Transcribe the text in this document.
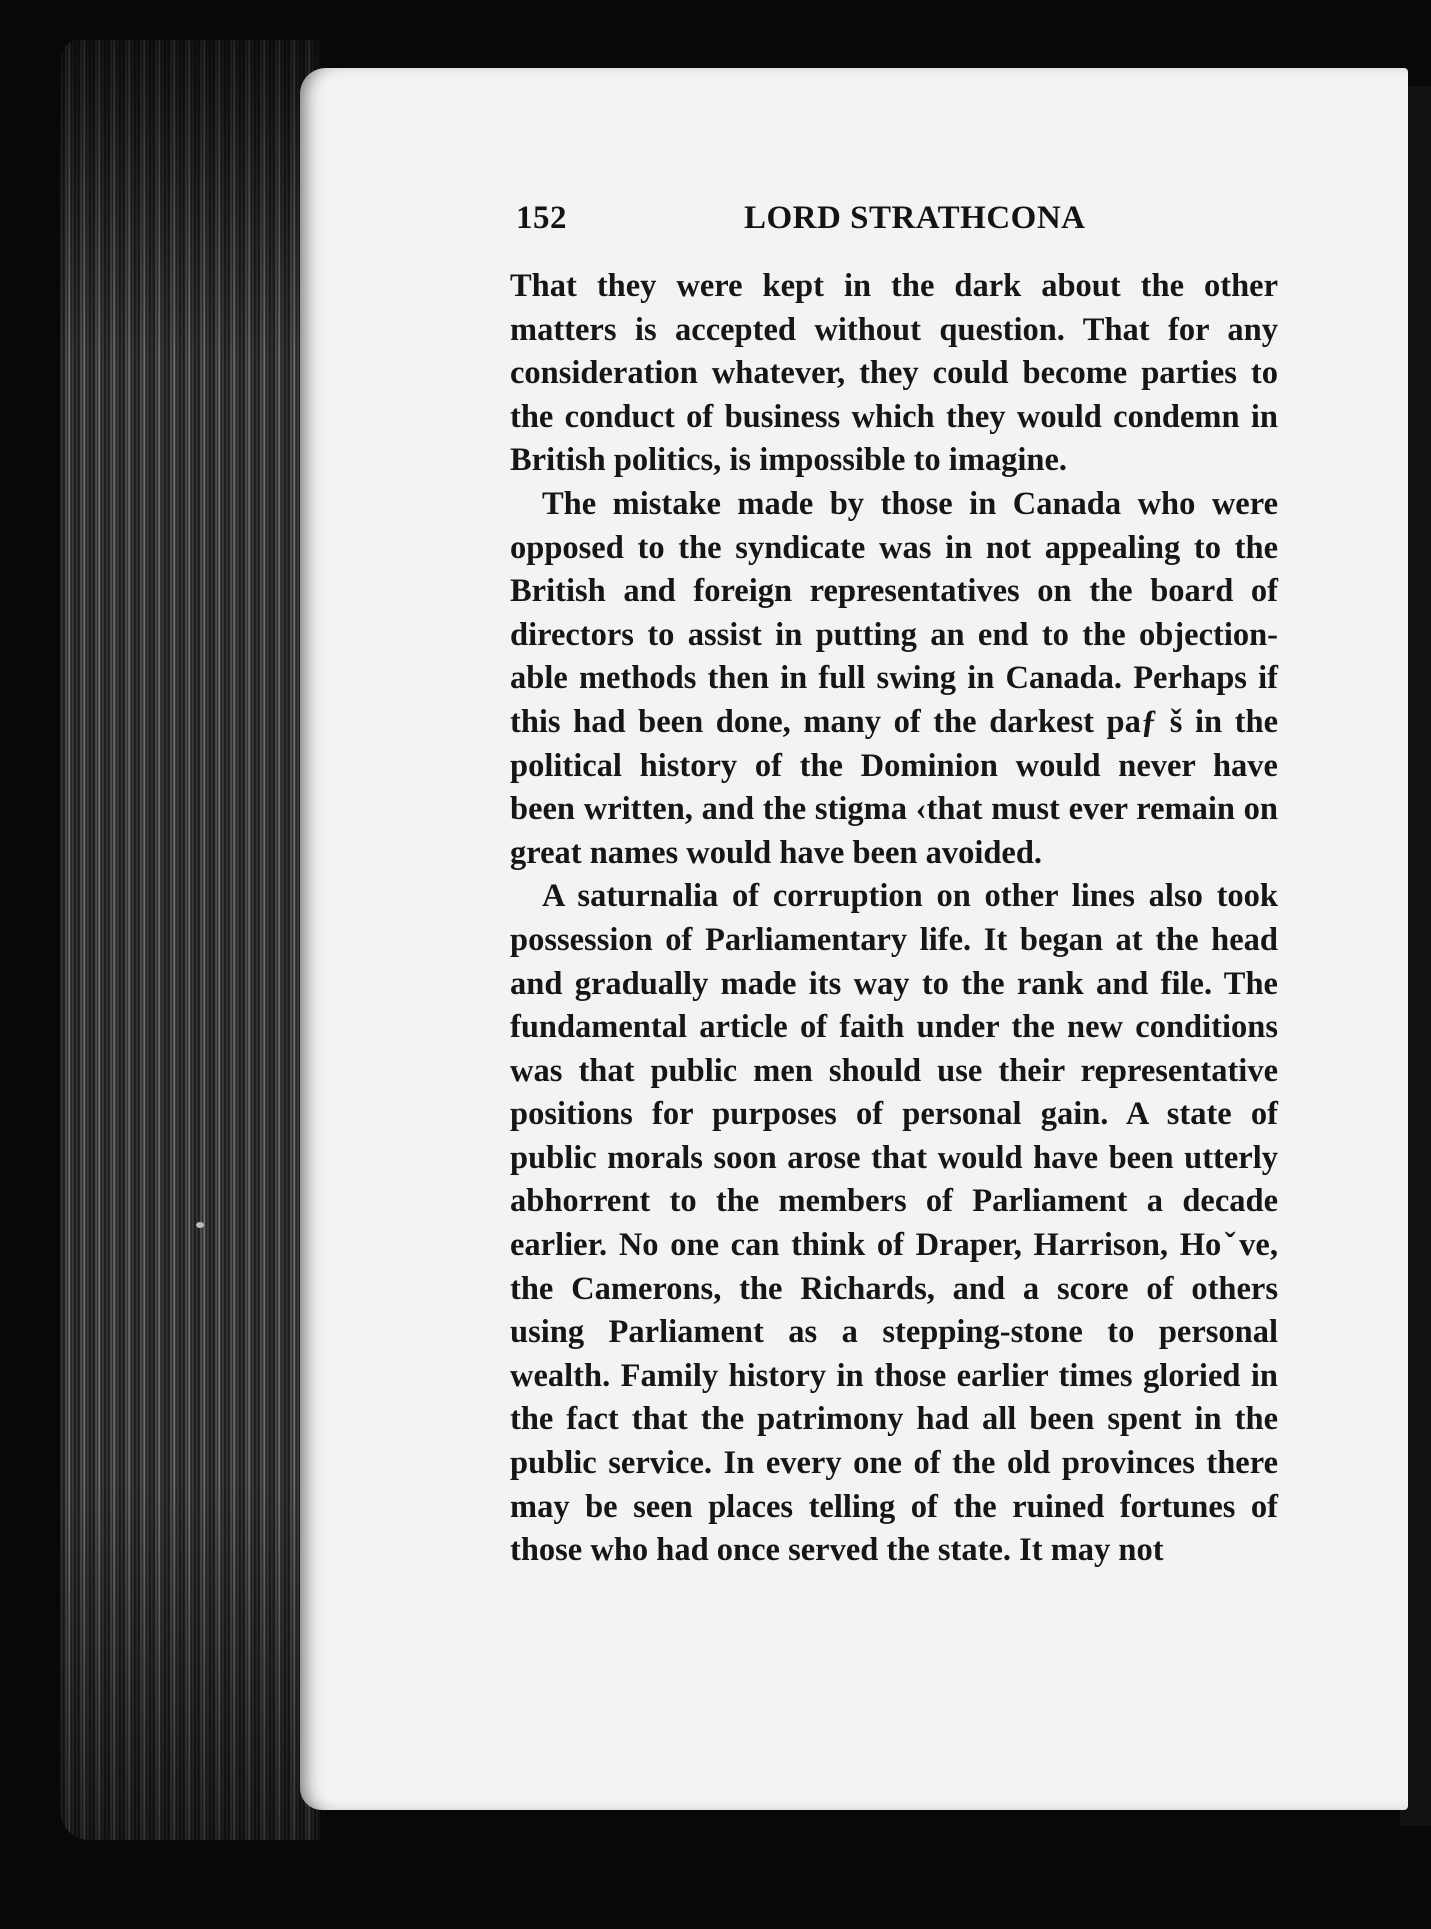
152	LORD STRATHCONA

That they were kept in the dark about the other matters is accepted without question. That for any consideration whatever, they could become parties to the conduct of business which they would condemn in British politics, is impossible to imagine.

The mistake made by those in Canada who were opposed to the syndicate was in not appealing to the British and foreign representatives on the board of directors to assist in putting an end to the objection-able methods then in full swing in Canada. Perhaps if this had been done, many of the darkest paƒ š in the political history of the Dominion would never have been written, and the stigma ‹that must ever remain on great names would have been avoided.

A saturnalia of corruption on other lines also took possession of Parliamentary life. It began at the head and gradually made its way to the rank and file. The fundamental article of faith under the new conditions was that public men should use their representative positions for purposes of personal gain. A state of public morals soon arose that would have been utterly abhorrent to the members of Parliament a decade earlier. No one can think of Draper, Harrison, Hoˇve, the Camerons, the Richards, and a score of others using Parliament as a stepping-stone to personal wealth. Family history in those earlier times gloried in the fact that the patrimony had all been spent in the public service. In every one of the old provinces there may be seen places telling of the ruined fortunes of those who had once served the state. It may not
